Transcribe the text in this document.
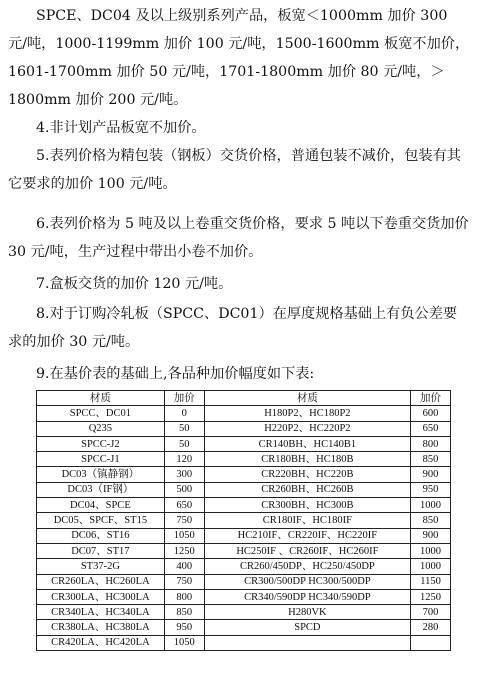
SPCE、DC04 及以上级别系列产品，板宽＜1000mm 加价 300 元/吨，1000-1199mm 加价 100 元/吨，1500-1600mm 板宽不加价，1601-1700mm 加价 50 元/吨，1701-1800mm 加价 80 元/吨，＞1800mm 加价 200 元/吨。

4.非计划产品板宽不加价。

5.表列价格为精包装（钢板）交货价格，普通包装不减价，包装有其它要求的加价 100 元/吨。

6.表列价格为 5 吨及以上卷重交货价格，要求 5 吨以下卷重交货加价 30 元/吨，生产过程中带出小卷不加价。

7.盒板交货的加价 120 元/吨。

8.对于订购冷轧板（SPCC、DC01）在厚度规格基础上有负公差要求的加价 30 元/吨。

9.在基价表的基础上,各品种加价幅度如下表:

材质	加价	材质	加价
SPCC、DC01	0	H180P2、HC180P2	600
Q235	50	H220P2、HC220P2	650
SPCC-J2	50	CR140BH、HC140B1	800
SPCC-J1	120	CR180BH、HC180B	850
DC03（镇静钢）	300	CR220BH、HC220B	900
DC03（IF钢）	500	CR260BH、HC260B	950
DC04、SPCE	650	CR300BH、HC300B	1000
DC05、SPCF、ST15	750	CR180IF、HC180IF	850
DC06、ST16	1050	HC210IF、CR220IF、HC220IF	900
DC07、ST17	1250	HC250IF 、CR260IF、HC260IF	1000
ST37-2G	400	CR260/450DP、HC250/450DP	1000
CR260LA、HC260LA	750	CR300/500DP HC300/500DP	1150
CR300LA、HC300LA	800	CR340/590DP HC340/590DP	1250
CR340LA、HC340LA	850	H280VK	700
CR380LA、HC380LA	950	SPCD	280
CR420LA、HC420LA	1050		
